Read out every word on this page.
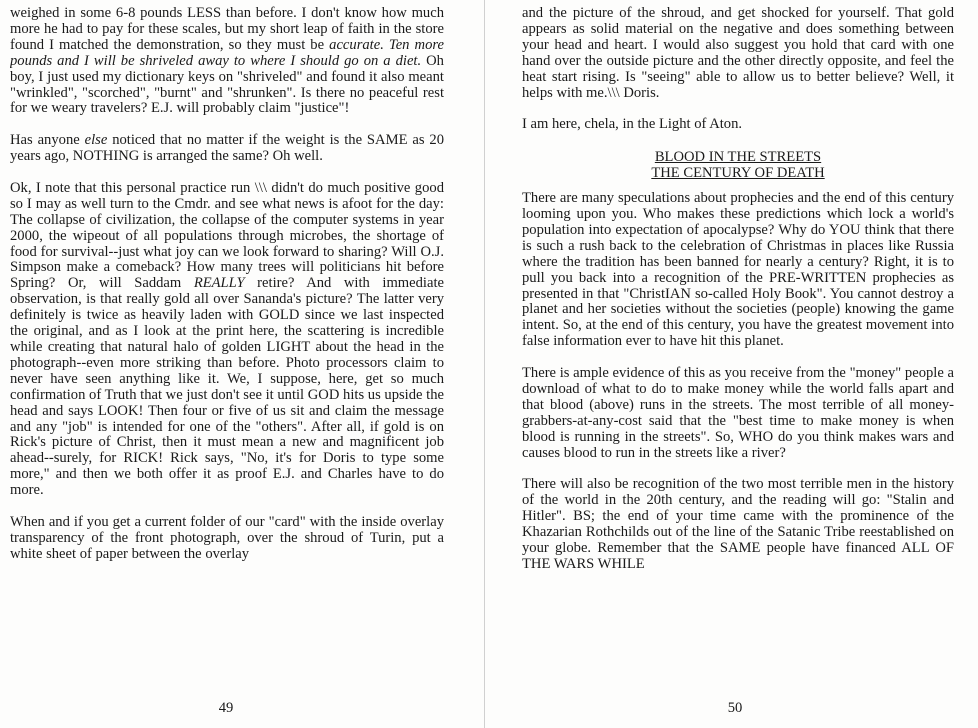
weighed in some 6-8 pounds LESS than before. I don't know how much more he had to pay for these scales, but my short leap of faith in the store found I matched the demonstration, so they must be accurate. Ten more pounds and I will be shriveled away to where I should go on a diet. Oh boy, I just used my dictionary keys on "shriveled" and found it also meant "wrinkled", "scorched", "burnt" and "shrunken". Is there no peaceful rest for we weary travelers? E.J. will probably claim "justice"!

Has anyone else noticed that no matter if the weight is the SAME as 20 years ago, NOTHING is arranged the same? Oh well.

Ok, I note that this personal practice run \\\ didn't do much positive good so I may as well turn to the Cmdr. and see what news is afoot for the day: The collapse of civilization, the collapse of the computer systems in year 2000, the wipeout of all populations through microbes, the shortage of food for survival--just what joy can we look forward to sharing? Will O.J. Simpson make a comeback? How many trees will politicians hit before Spring? Or, will Saddam REALLY retire? And with immediate observation, is that really gold all over Sananda's picture? The latter very definitely is twice as heavily laden with GOLD since we last inspected the original, and as I look at the print here, the scattering is incredible while creating that natural halo of golden LIGHT about the head in the photograph--even more striking than before. Photo processors claim to never have seen anything like it. We, I suppose, here, get so much confirmation of Truth that we just don't see it until GOD hits us upside the head and says LOOK! Then four or five of us sit and claim the message and any "job" is intended for one of the "others". After all, if gold is on Rick's picture of Christ, then it must mean a new and magnificent job ahead--surely, for RICK! Rick says, "No, it's for Doris to type some more," and then we both offer it as proof E.J. and Charles have to do more.

When and if you get a current folder of our "card" with the inside overlay transparency of the front photograph, over the shroud of Turin, put a white sheet of paper between the overlay

49

and the picture of the shroud, and get shocked for yourself. That gold appears as solid material on the negative and does something between your head and heart. I would also suggest you hold that card with one hand over the outside picture and the other directly opposite, and feel the heat start rising. Is "seeing" able to allow us to better believe? Well, it helps with me.\\\ Doris.

I am here, chela, in the Light of Aton.

BLOOD IN THE STREETS
THE CENTURY OF DEATH

There are many speculations about prophecies and the end of this century looming upon you. Who makes these predictions which lock a world's population into expectation of apocalypse? Why do YOU think that there is such a rush back to the celebration of Christmas in places like Russia where the tradition has been banned for nearly a century? Right, it is to pull you back into a recognition of the PRE-WRITTEN prophecies as presented in that "ChristIAN so-called Holy Book". You cannot destroy a planet and her societies without the societies (people) knowing the game intent. So, at the end of this century, you have the greatest movement into false information ever to have hit this planet.

There is ample evidence of this as you receive from the "money" people a download of what to do to make money while the world falls apart and that blood (above) runs in the streets. The most terrible of all money-grabbers-at-any-cost said that the "best time to make money is when blood is running in the streets". So, WHO do you think makes wars and causes blood to run in the streets like a river?

There will also be recognition of the two most terrible men in the history of the world in the 20th century, and the reading will go: "Stalin and Hitler". BS; the end of your time came with the prominence of the Khazarian Rothchilds out of the line of the Satanic Tribe reestablished on your globe. Remember that the SAME people have financed ALL OF THE WARS WHILE

50
